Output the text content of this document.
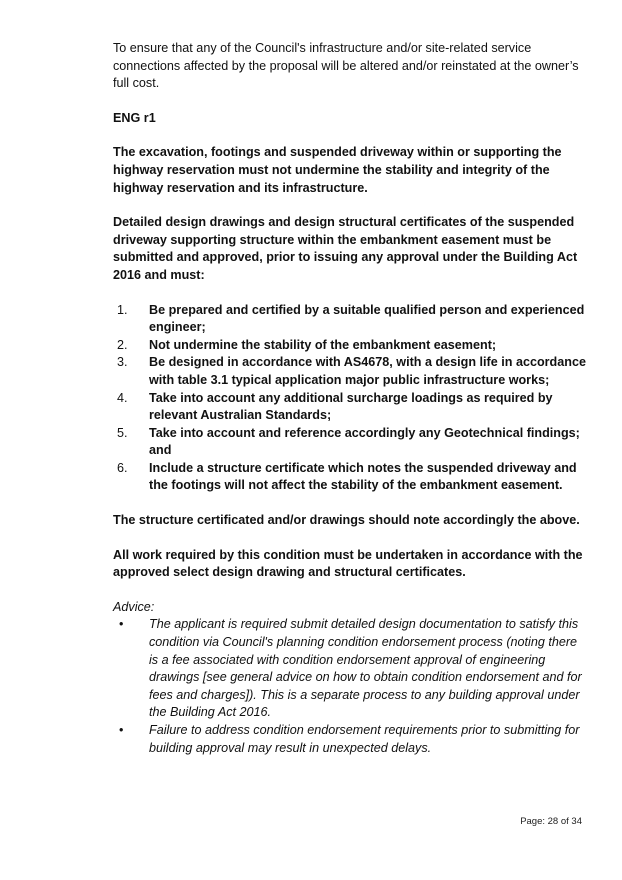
To ensure that any of the Council's infrastructure and/or site-related service connections affected by the proposal will be altered and/or reinstated at the owner’s full cost.

ENG r1

The excavation, footings and suspended driveway within or supporting the highway reservation must not undermine the stability and integrity of the highway reservation and its infrastructure.

Detailed design drawings and design structural certificates of the suspended driveway supporting structure within the embankment easement must be submitted and approved, prior to issuing any approval under the Building Act 2016 and must:

1.	Be prepared and certified by a suitable qualified person and experienced engineer;
2.	Not undermine the stability of the embankment easement;
3.	Be designed in accordance with AS4678, with a design life in accordance with table 3.1 typical application major public infrastructure works;
4.	Take into account any additional surcharge loadings as required by relevant Australian Standards;
5.	Take into account and reference accordingly any Geotechnical findings; and
6.	Include a structure certificate which notes the suspended driveway and the footings will not affect the stability of the embankment easement.

The structure certificated and/or drawings should note accordingly the above.

All work required by this condition must be undertaken in accordance with the approved select design drawing and structural certificates.

Advice:

•	The applicant is required submit detailed design documentation to satisfy this condition via Council's planning condition endorsement process (noting there is a fee associated with condition endorsement approval of engineering drawings [see general advice on how to obtain condition endorsement and for fees and charges]). This is a separate process to any building approval under the Building Act 2016.
•	Failure to address condition endorsement requirements prior to submitting for building approval may result in unexpected delays.
Page: 28 of 34
